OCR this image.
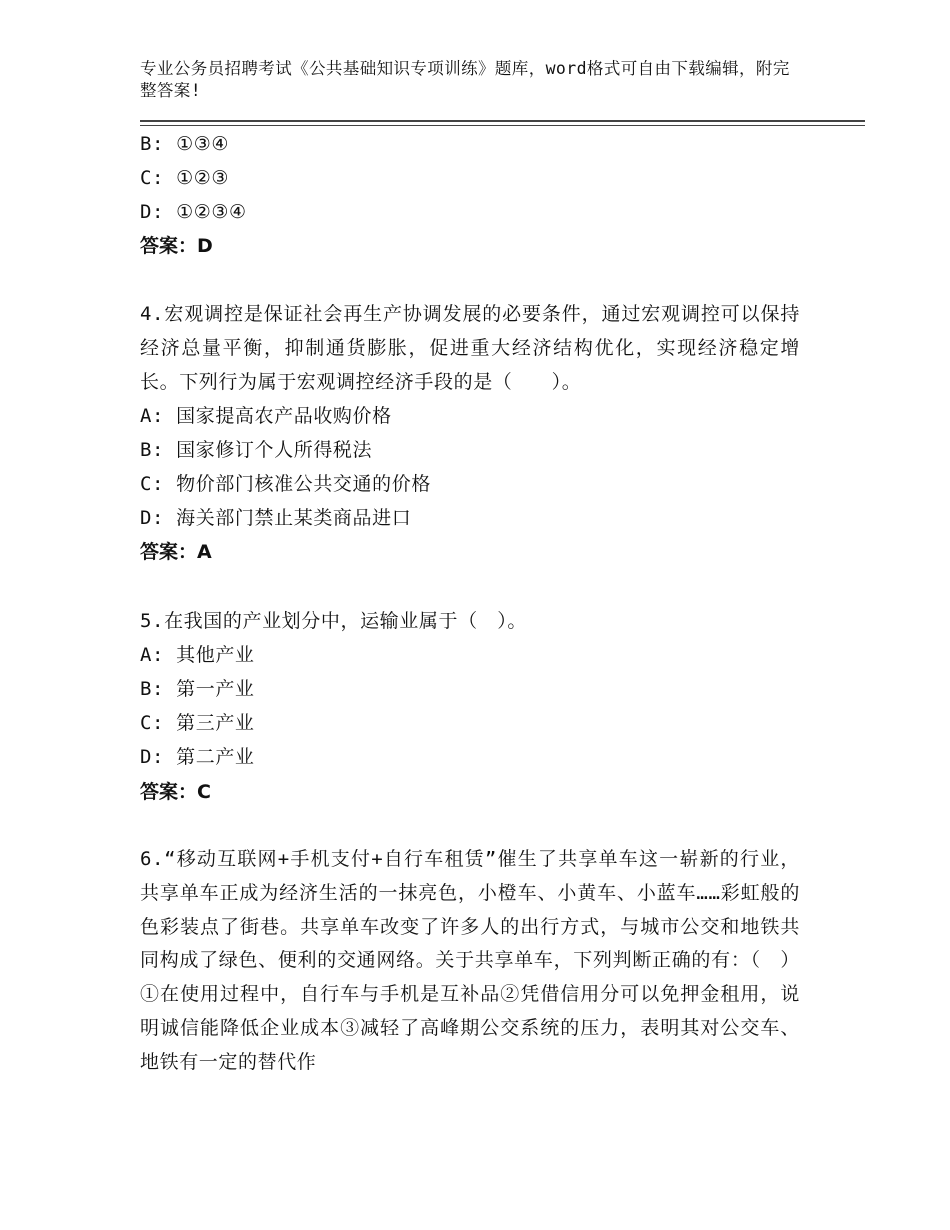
专业公务员招聘考试《公共基础知识专项训练》题库，word格式可自由下载编辑，附完整答案!
B: ①③④
C: ①②③
D: ①②③④
答案：D
4.宏观调控是保证社会再生产协调发展的必要条件，通过宏观调控可以保持经济总量平衡，抑制通货膨胀，促进重大经济结构优化，实现经济稳定增长。下列行为属于宏观调控经济手段的是（　　）。
A: 国家提高农产品收购价格
B: 国家修订个人所得税法
C: 物价部门核准公共交通的价格
D: 海关部门禁止某类商品进口
答案：A
5.在我国的产业划分中，运输业属于（　）。
A: 其他产业
B: 第一产业
C: 第三产业
D: 第二产业
答案：C
6.“移动互联网+手机支付+自行车租赁”催生了共享单车这一崭新的行业，共享单车正成为经济生活的一抹亮色，小橙车、小黄车、小蓝车……彩虹般的色彩装点了街巷。共享单车改变了许多人的出行方式，与城市公交和地铁共同构成了绿色、便利的交通网络。关于共享单车，下列判断正确的有：（　）①在使用过程中，自行车与手机是互补品②凭借信用分可以免押金租用，说明诚信能降低企业成本③减轻了高峰期公交系统的压力，表明其对公交车、地铁有一定的替代作
